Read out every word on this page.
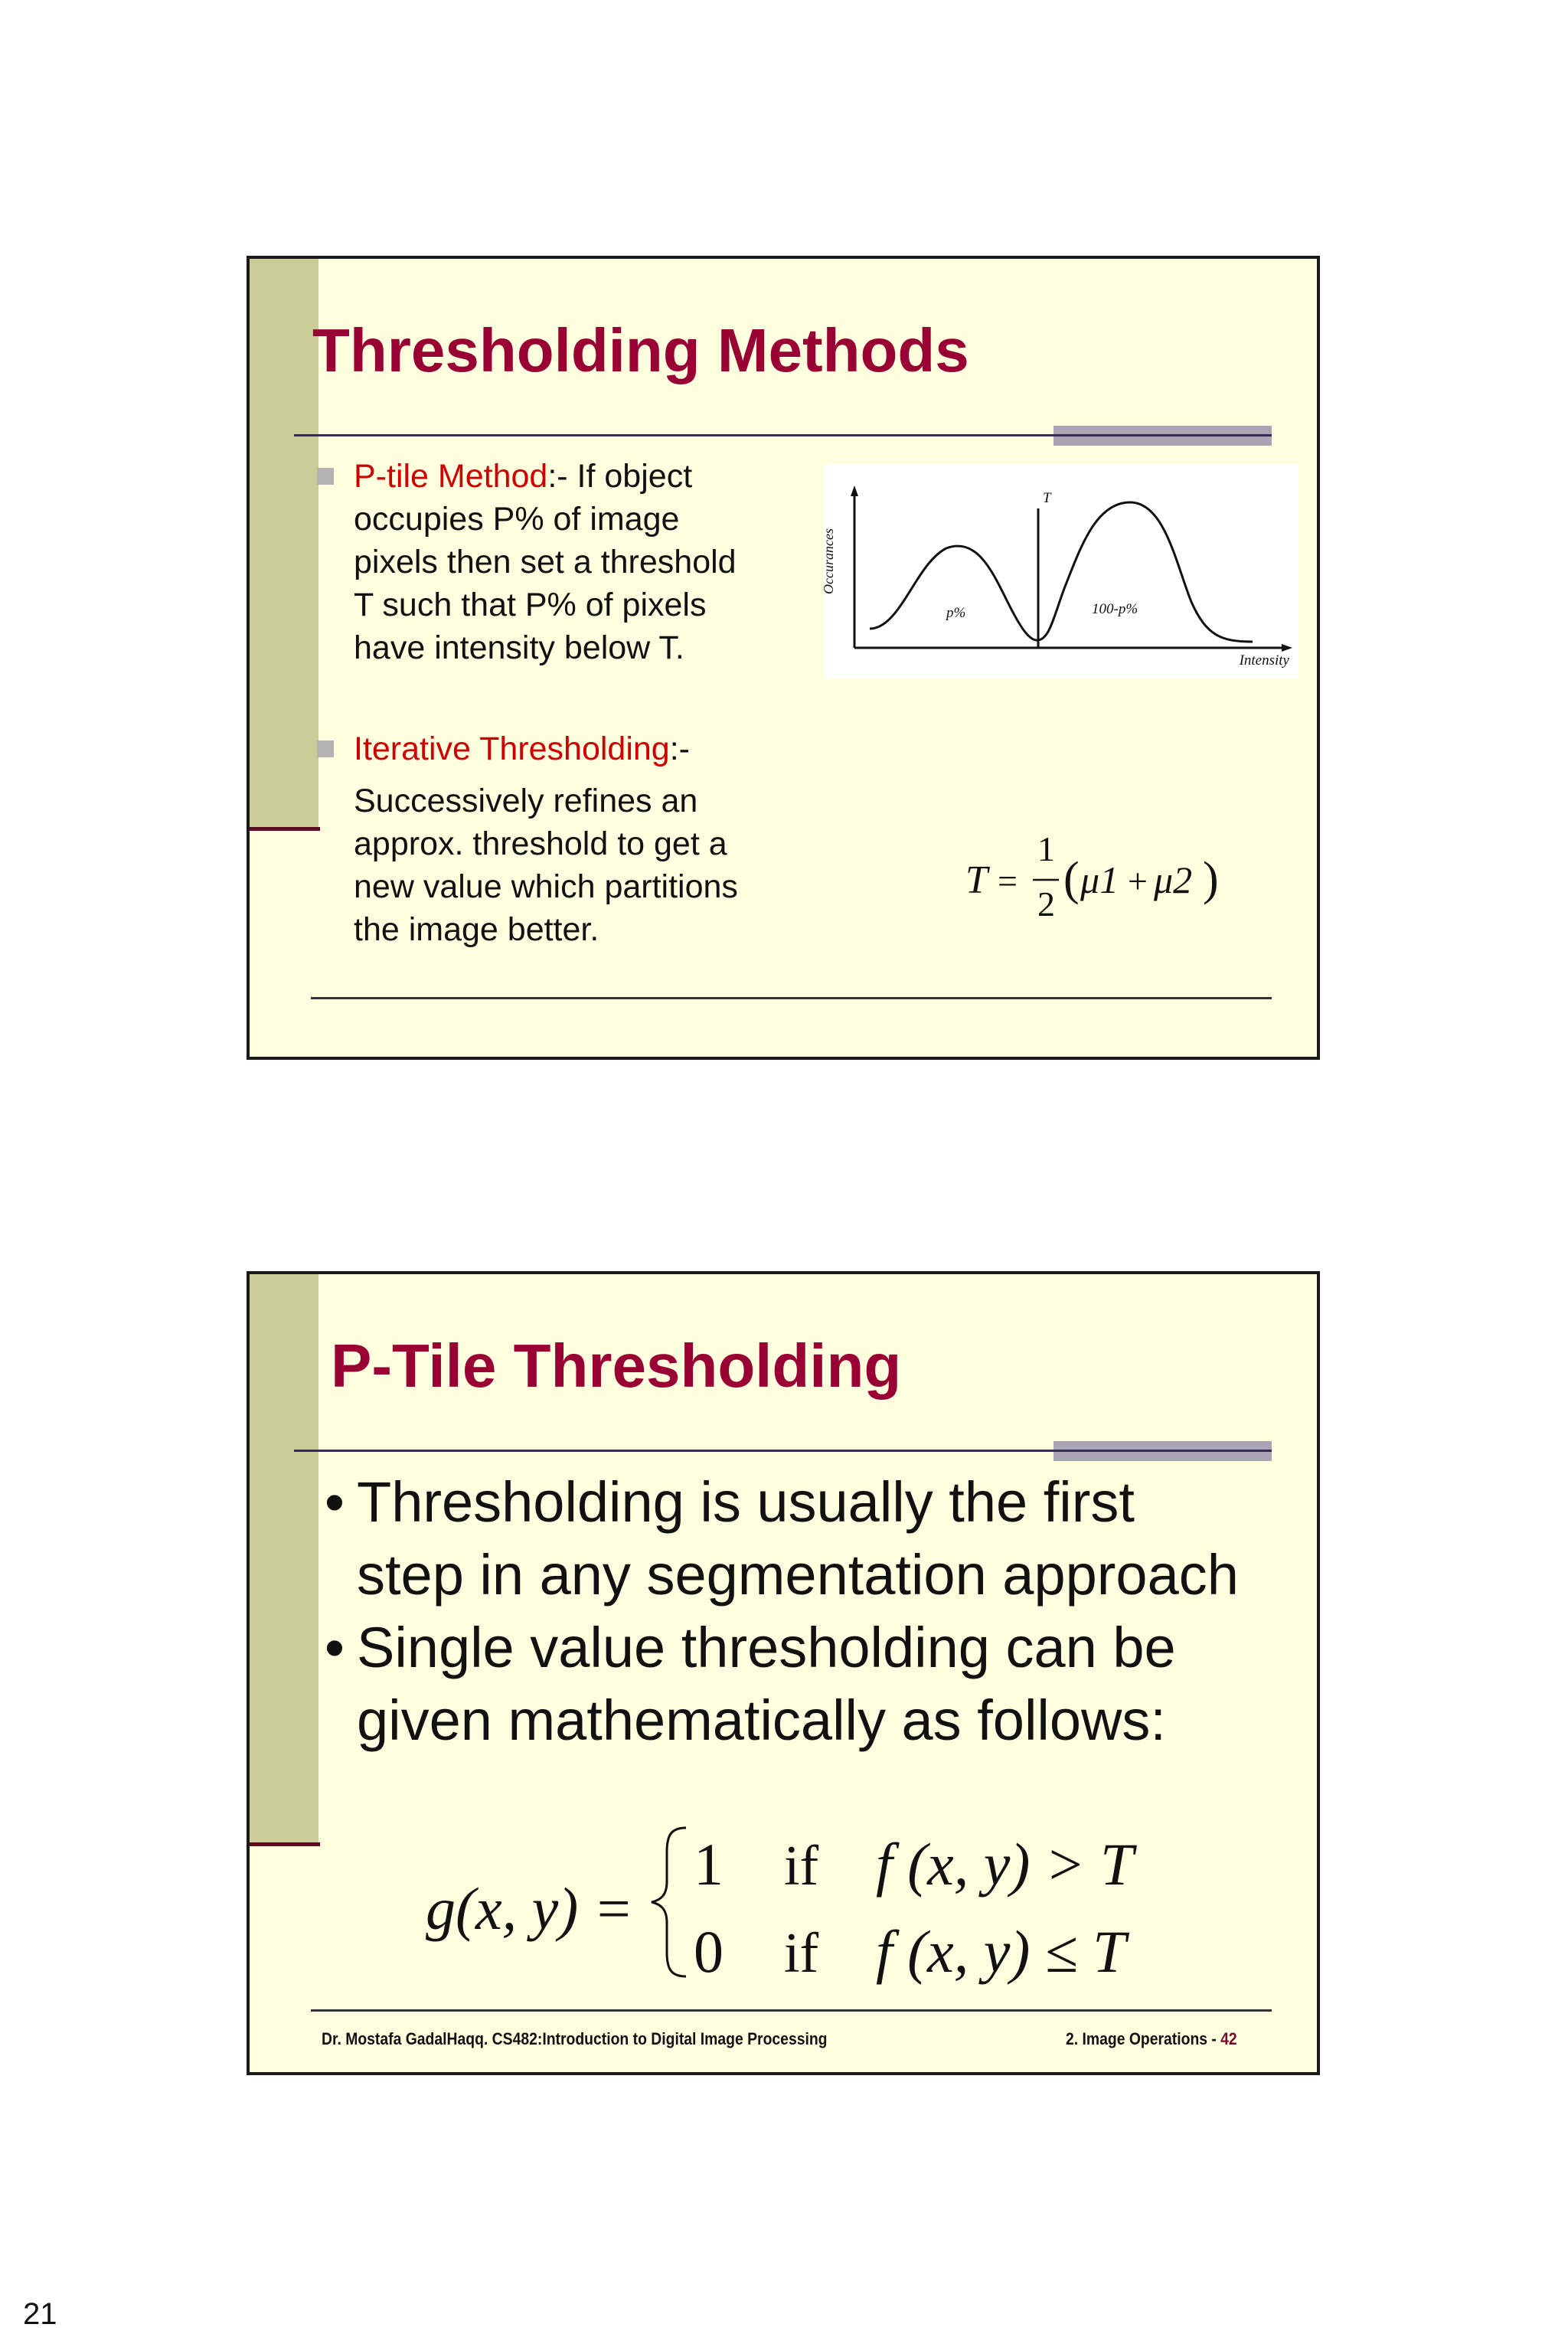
Thresholding Methods
P-tile Method:- If object occupies P% of image pixels then set a threshold T such that P% of pixels have intensity below T.
Occurances
Intensity
T
p%	100-p%
Iterative Thresholding:-
Successively refines an approx. threshold to get a new value which partitions the image better.
T =
1
2 ( μ1 + μ2 )
P-Tile Thresholding
• Thresholding is usually the first
step in any segmentation approach
• Single value thresholding can be
given mathematically as follows:
g(x, y) =
1 if f (x, y) > T
0 if f (x, y) ≤ T
Dr. Mostafa GadalHaqq. CS482:Introduction to Digital Image Processing	2. Image Operations - 42
21
